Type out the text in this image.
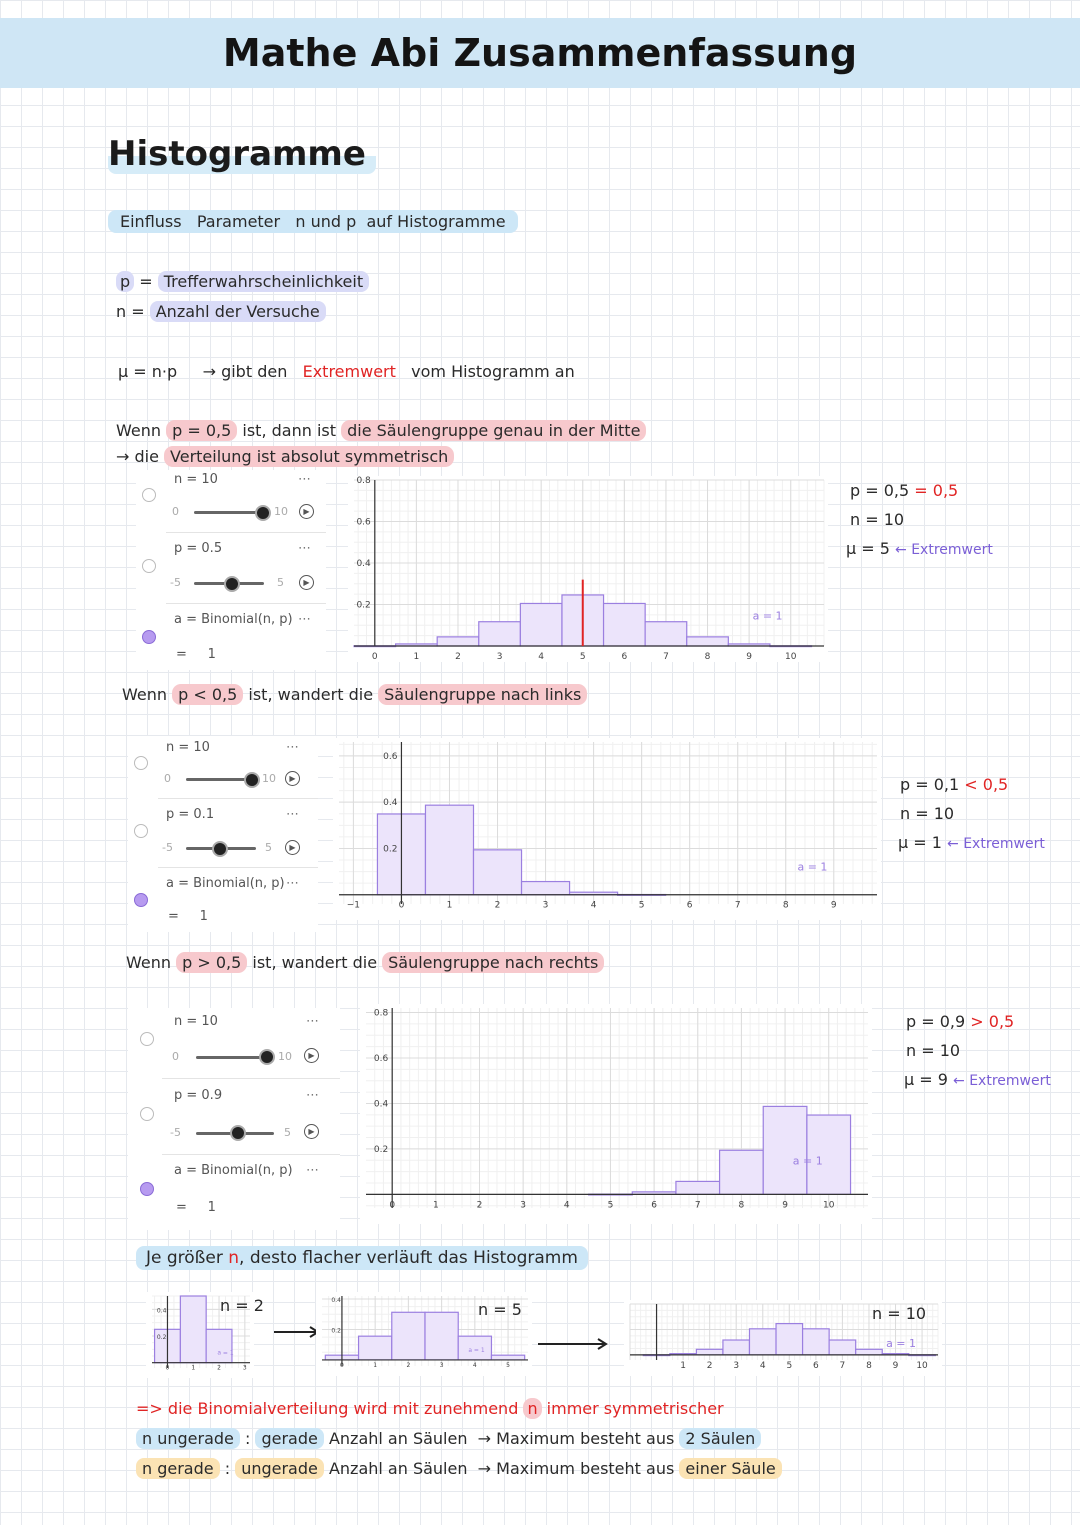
Mathe Abi Zusammenfassung
Histogramme
Einfluss Parameter n und p auf Histogramme
p = Trefferwahrscheinlichkeit
n = Anzahl der Versuche
μ = n·p → gibt den Extremwert vom Histogramm an
Wenn p = 0,5 ist, dann ist die Säulengruppe genau in der Mitte
→ die Verteilung ist absolut symmetrisch
n = 10	⋯
0	10	▶
p = 0.5	⋯
-5	5	▶
a = Binomial(n, p) ⋯
=     1	0	1	2	3	4	5	6	7	8	9	10
0.2
0.4
0.6
0.8
a = 1
p = 0,5 = 0,5
n = 10
μ = 5 ← Extremwert
Wenn p < 0,5 ist, wandert die Säulengruppe nach links
n = 10	⋯
0	10	▶
p = 0.1	⋯
-5	5	▶
a = Binomial(n, p) ⋯
=     1
−1	0	1	2	3	4	5	6	7	8	9
0.2
0.4
0.6
a = 1
p = 0,1 < 0,5
n = 10
μ = 1 ← Extremwert
Wenn p > 0,5 ist, wandert die Säulengruppe nach rechts
n = 10	⋯
0	10	▶
p = 0.9	⋯
-5	5	▶
a = Binomial(n, p) ⋯
=     1	0	1	2	3	4	5	6	7	8	9	10
0.2
0.4
0.6
0.8
a = 1
p = 0,9 > 0,5
n = 10
μ = 9 ← Extremwert
Je größer n, desto flacher verläuft das Histogramm
0	1	2	3
0.2
0.4
a = 1
n = 2
0	1	2	3	4	5
0.2
0.4
a = 1
n = 5
1 2 3 4 5 6 7 8 9 10
a = 1
n = 10
=> die Binomialverteilung wird mit zunehmend n immer symmetrischer
n ungerade : gerade Anzahl an Säulen → Maximum besteht aus 2 Säulen
n gerade : ungerade Anzahl an Säulen → Maximum besteht aus einer Säule
